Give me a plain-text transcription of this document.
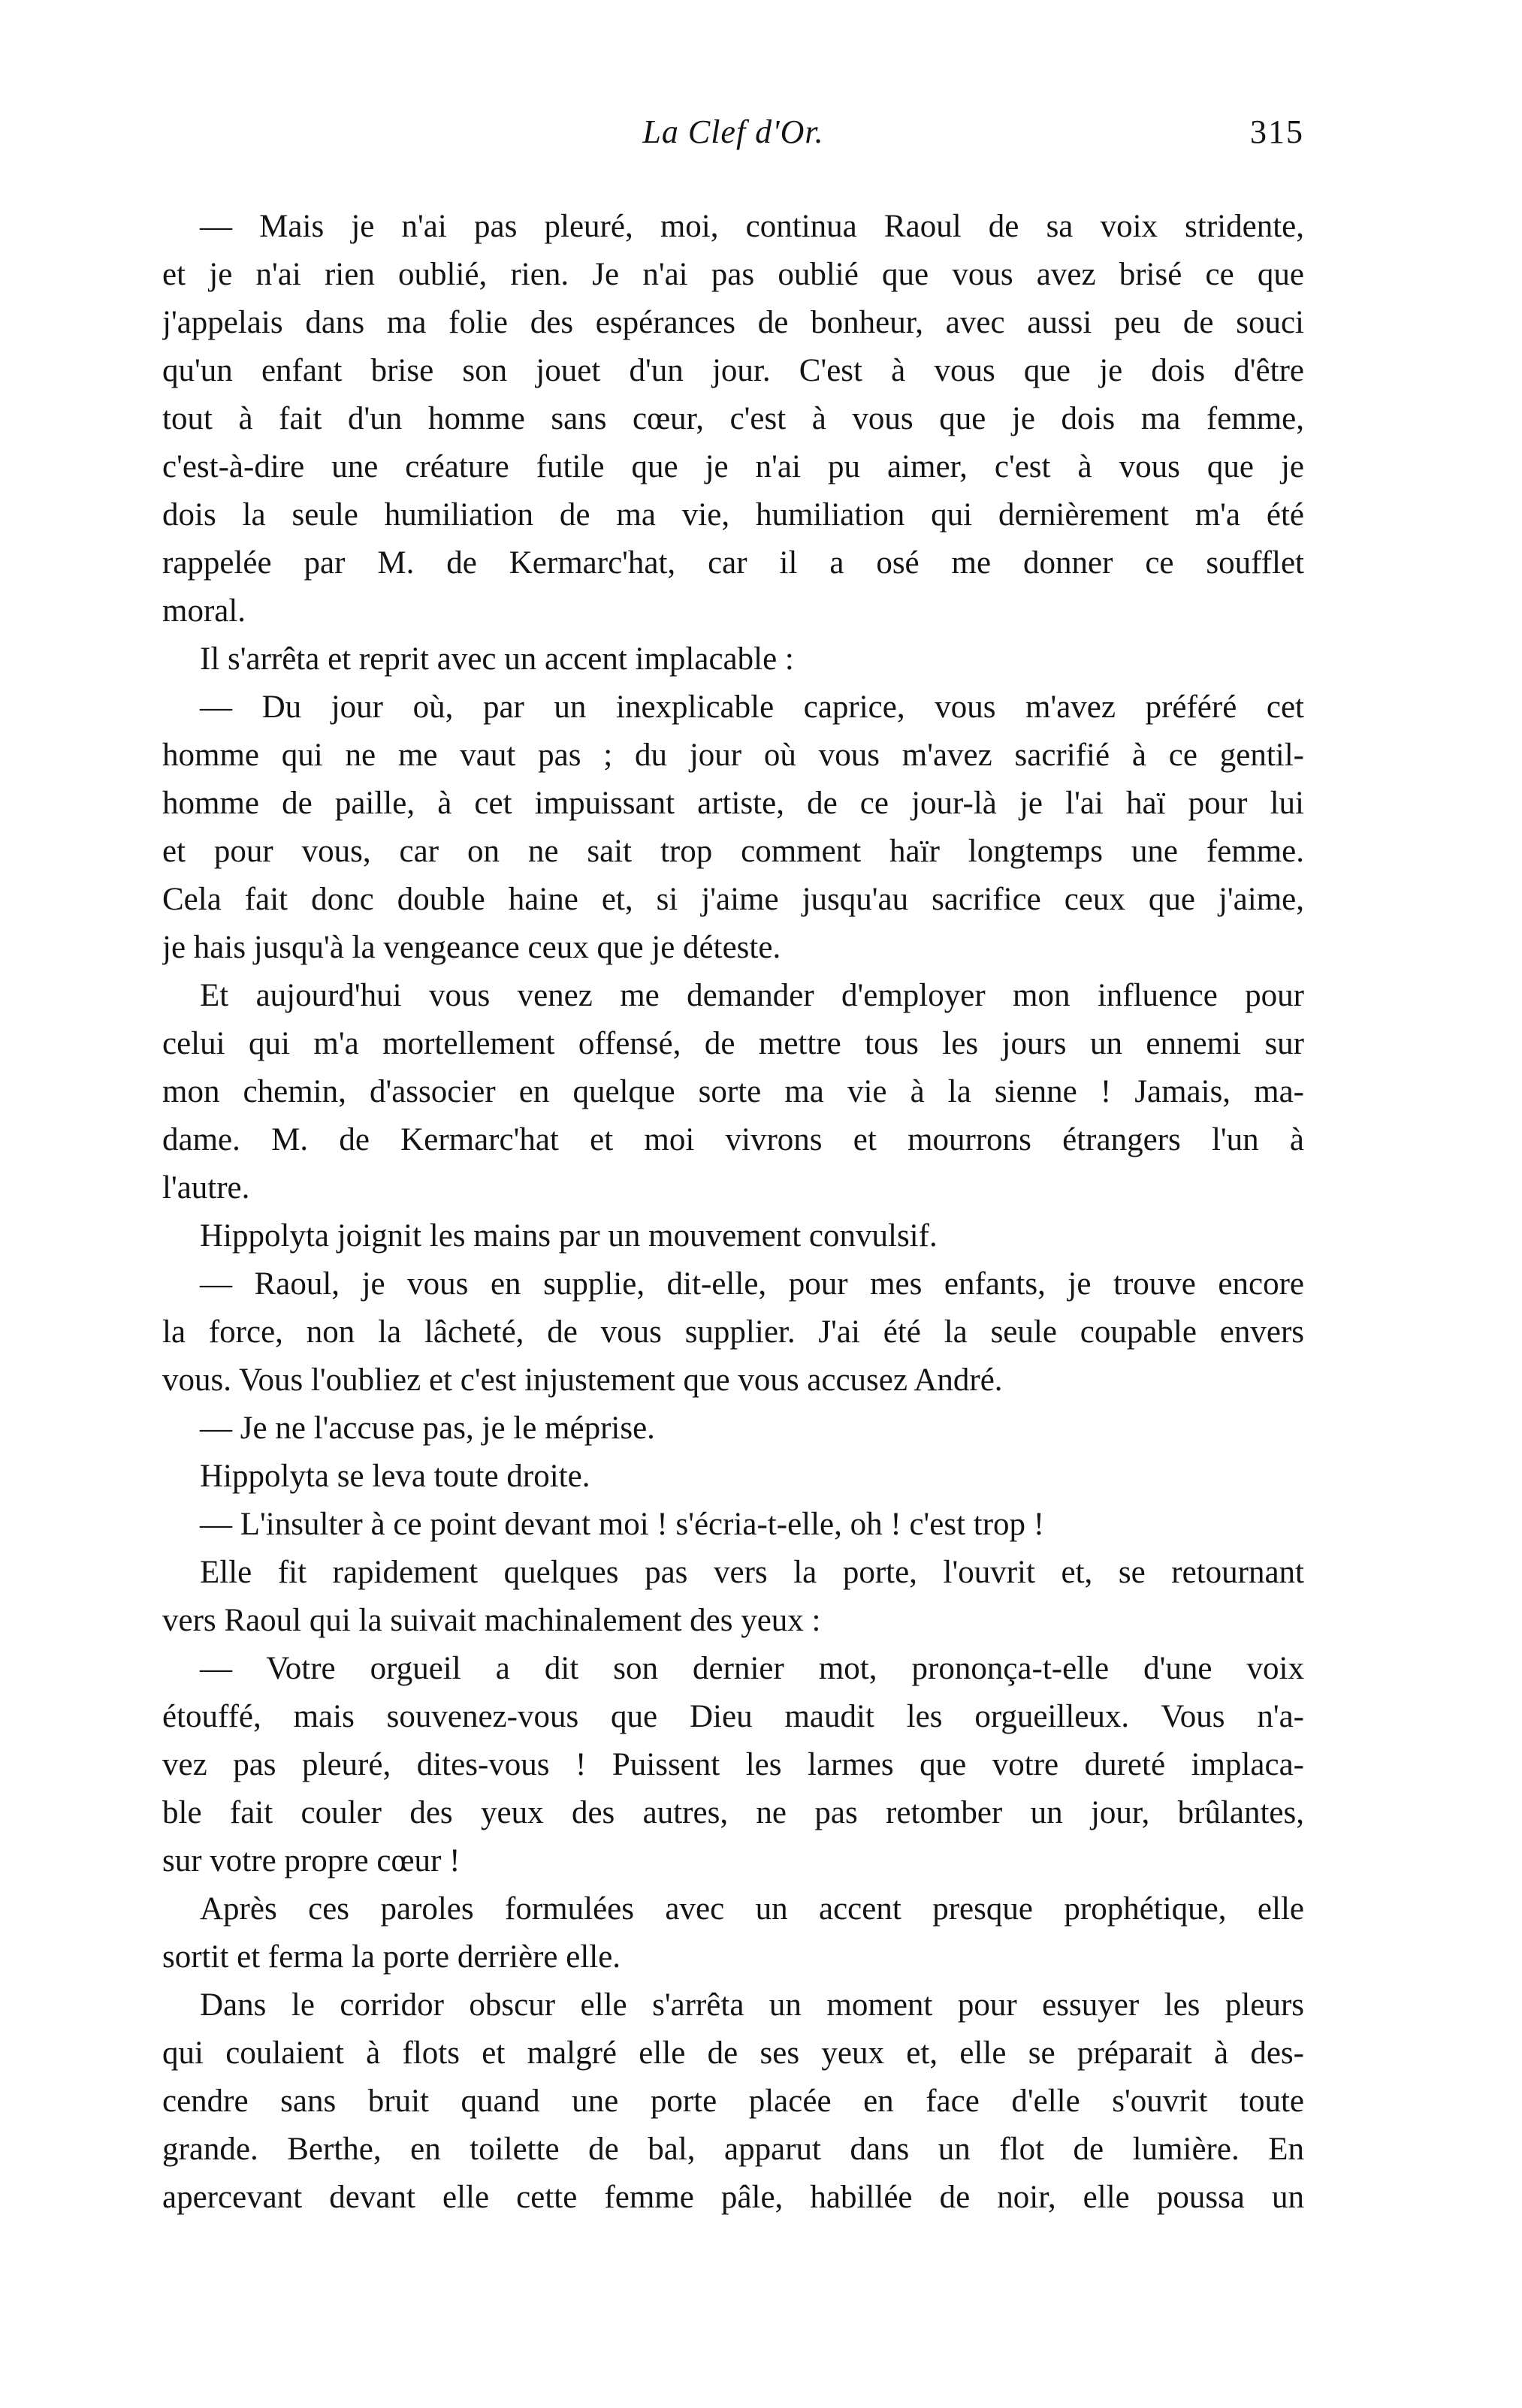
La Clef d'Or.	315
— Mais je n'ai pas pleuré, moi, continua Raoul de sa voix stridente,
et je n'ai rien oublié, rien. Je n'ai pas oublié que vous avez brisé ce que
j'appelais dans ma folie des espérances de bonheur, avec aussi peu de souci
qu'un enfant brise son jouet d'un jour. C'est à vous que je dois d'être
tout à fait d'un homme sans cœur, c'est à vous que je dois ma femme,
c'est-à-dire une créature futile que je n'ai pu aimer, c'est à vous que je
dois la seule humiliation de ma vie, humiliation qui dernièrement m'a été
rappelée par M. de Kermarc'hat, car il a osé me donner ce soufflet
moral.
Il s'arrêta et reprit avec un accent implacable :
— Du jour où, par un inexplicable caprice, vous m'avez préféré cet
homme qui ne me vaut pas ; du jour où vous m'avez sacrifié à ce gentil-
homme de paille, à cet impuissant artiste, de ce jour-là je l'ai haï pour lui
et pour vous, car on ne sait trop comment haïr longtemps une femme.
Cela fait donc double haine et, si j'aime jusqu'au sacrifice ceux que j'aime,
je hais jusqu'à la vengeance ceux que je déteste.
Et aujourd'hui vous venez me demander d'employer mon influence pour
celui qui m'a mortellement offensé, de mettre tous les jours un ennemi sur
mon chemin, d'associer en quelque sorte ma vie à la sienne ! Jamais, ma-
dame. M. de Kermarc'hat et moi vivrons et mourrons étrangers l'un à
l'autre.
Hippolyta joignit les mains par un mouvement convulsif.
— Raoul, je vous en supplie, dit-elle, pour mes enfants, je trouve encore
la force, non la lâcheté, de vous supplier. J'ai été la seule coupable envers
vous. Vous l'oubliez et c'est injustement que vous accusez André.
— Je ne l'accuse pas, je le méprise.
Hippolyta se leva toute droite.
— L'insulter à ce point devant moi ! s'écria-t-elle, oh ! c'est trop !
Elle fit rapidement quelques pas vers la porte, l'ouvrit et, se retournant
vers Raoul qui la suivait machinalement des yeux :
— Votre orgueil a dit son dernier mot, prononça-t-elle d'une voix
étouffé, mais souvenez-vous que Dieu maudit les orgueilleux. Vous n'a-
vez pas pleuré, dites-vous ! Puissent les larmes que votre dureté implaca-
ble fait couler des yeux des autres, ne pas retomber un jour, brûlantes,
sur votre propre cœur !
Après ces paroles formulées avec un accent presque prophétique, elle
sortit et ferma la porte derrière elle.
Dans le corridor obscur elle s'arrêta un moment pour essuyer les pleurs
qui coulaient à flots et malgré elle de ses yeux et, elle se préparait à des-
cendre sans bruit quand une porte placée en face d'elle s'ouvrit toute
grande. Berthe, en toilette de bal, apparut dans un flot de lumière. En
apercevant devant elle cette femme pâle, habillée de noir, elle poussa un
